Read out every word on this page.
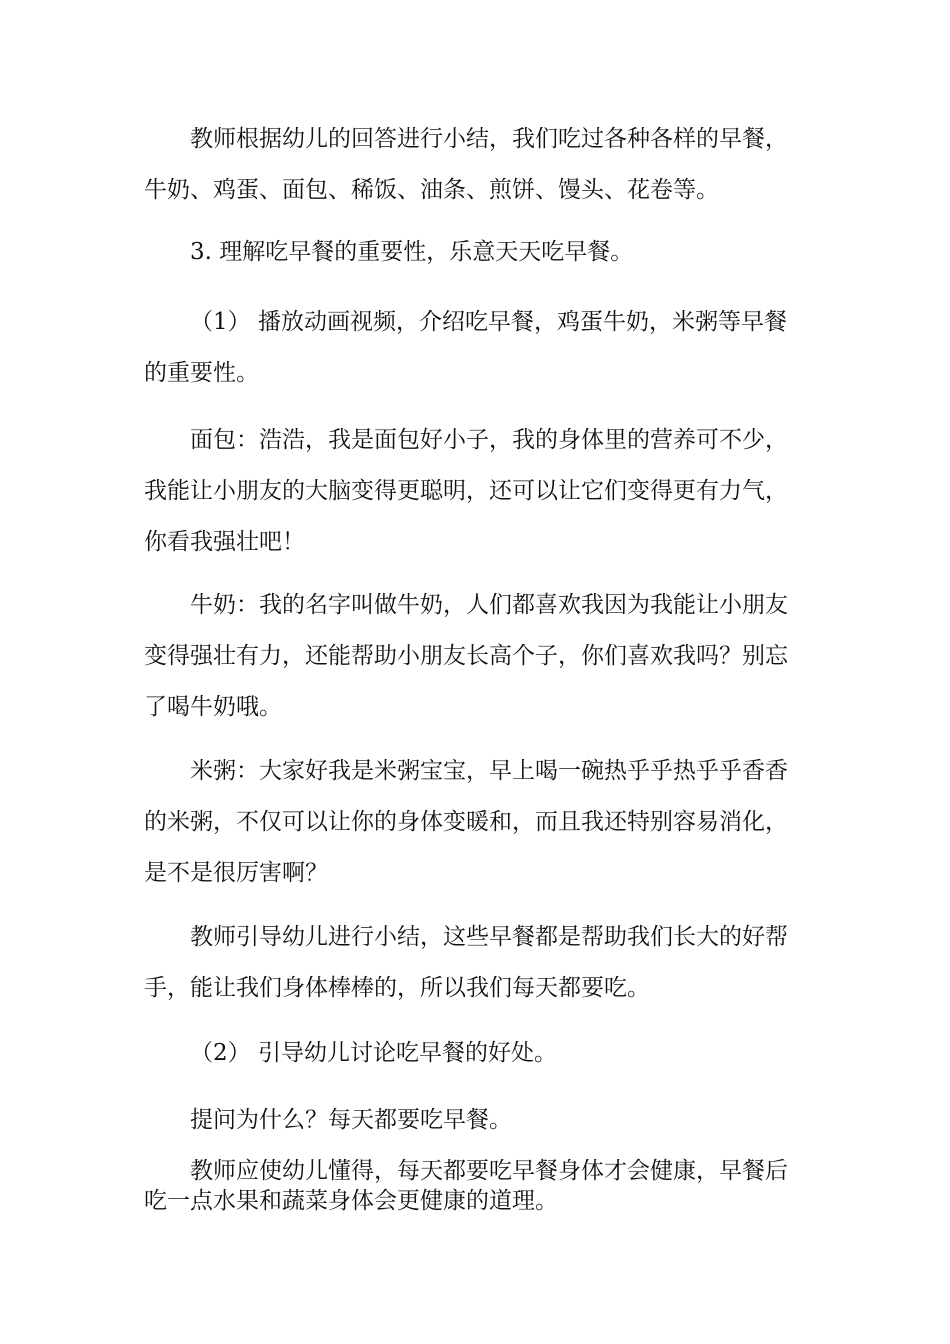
教师根据幼儿的回答进行小结，我们吃过各种各样的早餐，
牛奶、鸡蛋、面包、稀饭、油条、煎饼、馒头、花卷等。

3. 理解吃早餐的重要性，乐意天天吃早餐。

（1） 播放动画视频，介绍吃早餐，鸡蛋牛奶，米粥等早餐
的重要性。

面包：浩浩，我是面包好小子，我的身体里的营养可不少，
我能让小朋友的大脑变得更聪明，还可以让它们变得更有力气，
你看我强壮吧！

牛奶：我的名字叫做牛奶，人们都喜欢我因为我能让小朋友
变得强壮有力，还能帮助小朋友长高个子，你们喜欢我吗？别忘
了喝牛奶哦。

米粥：大家好我是米粥宝宝，早上喝一碗热乎乎热乎乎香香
的米粥，不仅可以让你的身体变暖和，而且我还特别容易消化，
是不是很厉害啊？

教师引导幼儿进行小结，这些早餐都是帮助我们长大的好帮
手，能让我们身体棒棒的，所以我们每天都要吃。

（2） 引导幼儿讨论吃早餐的好处。

提问为什么？每天都要吃早餐。

教师应使幼儿懂得，每天都要吃早餐身体才会健康，早餐后
吃一点水果和蔬菜身体会更健康的道理。
